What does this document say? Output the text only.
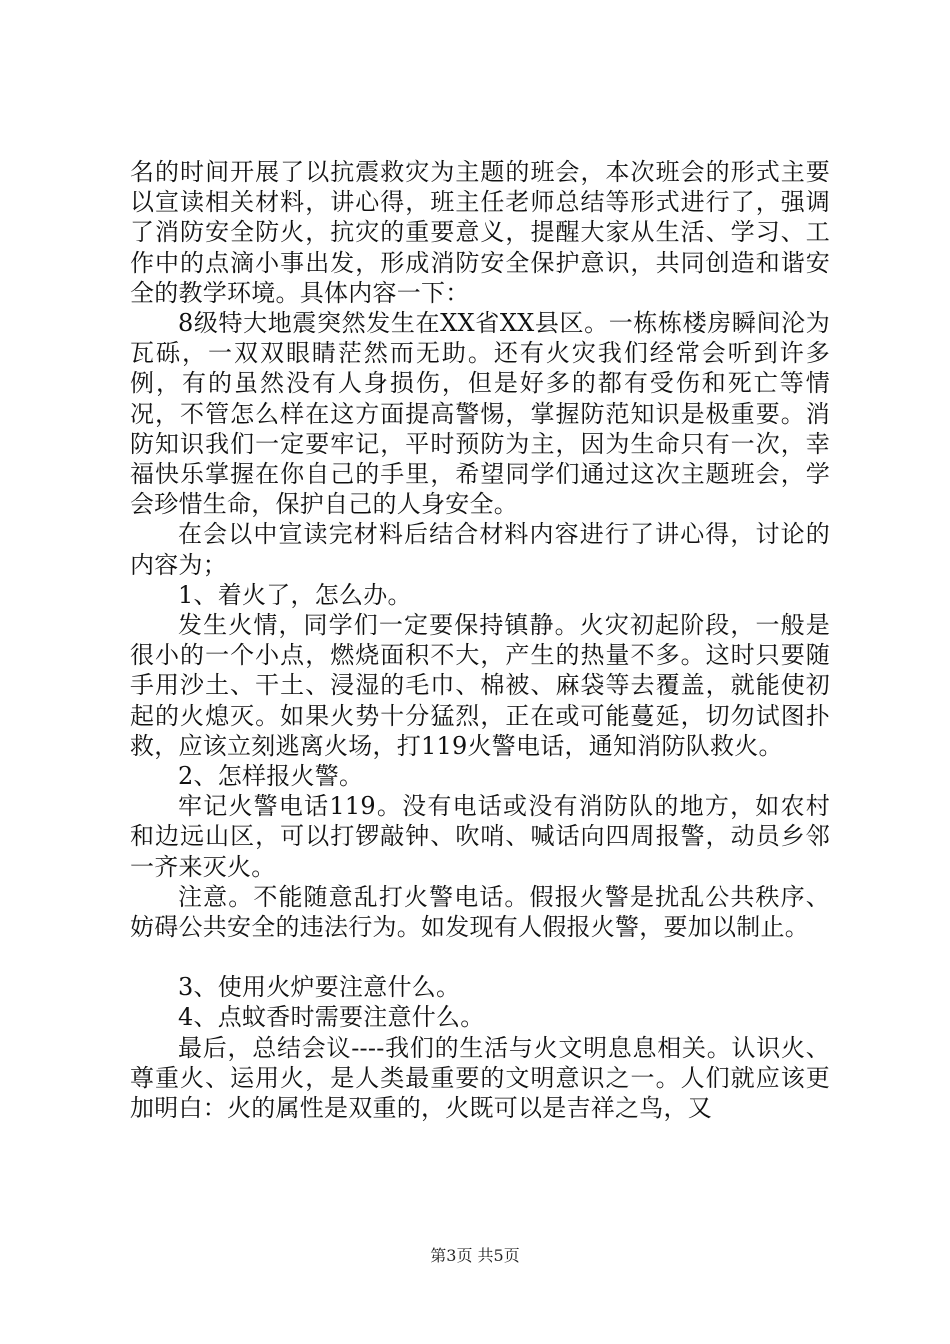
名的时间开展了以抗震救灾为主题的班会，本次班会的形式主要以宣读相关材料，讲心得，班主任老师总结等形式进行了，强调了消防安全防火，抗灾的重要意义，提醒大家从生活、学习、工作中的点滴小事出发，形成消防安全保护意识，共同创造和谐安全的教学环境。具体内容一下：

8级特大地震突然发生在XX省XX县区。一栋栋楼房瞬间沦为瓦砾，一双双眼睛茫然而无助。还有火灾我们经常会听到许多例，有的虽然没有人身损伤，但是好多的都有受伤和死亡等情况，不管怎么样在这方面提高警惕，掌握防范知识是极重要。消防知识我们一定要牢记，平时预防为主，因为生命只有一次，幸福快乐掌握在你自己的手里，希望同学们通过这次主题班会，学会珍惜生命，保护自己的人身安全。

在会以中宣读完材料后结合材料内容进行了讲心得，讨论的内容为；

1、着火了，怎么办。

发生火情，同学们一定要保持镇静。火灾初起阶段，一般是很小的一个小点，燃烧面积不大，产生的热量不多。这时只要随手用沙土、干土、浸湿的毛巾、棉被、麻袋等去覆盖，就能使初起的火熄灭。如果火势十分猛烈，正在或可能蔓延，切勿试图扑救，应该立刻逃离火场，打119火警电话，通知消防队救火。

2、怎样报火警。

牢记火警电话119。没有电话或没有消防队的地方，如农村和边远山区，可以打锣敲钟、吹哨、喊话向四周报警，动员乡邻一齐来灭火。

注意。不能随意乱打火警电话。假报火警是扰乱公共秩序、妨碍公共安全的违法行为。如发现有人假报火警，要加以制止。

3、使用火炉要注意什么。

4、点蚊香时需要注意什么。

最后，总结会议----我们的生活与火文明息息相关。认识火、尊重火、运用火，是人类最重要的文明意识之一。人们就应该更加明白：火的属性是双重的，火既可以是吉祥之鸟，又

第3页 共5页
